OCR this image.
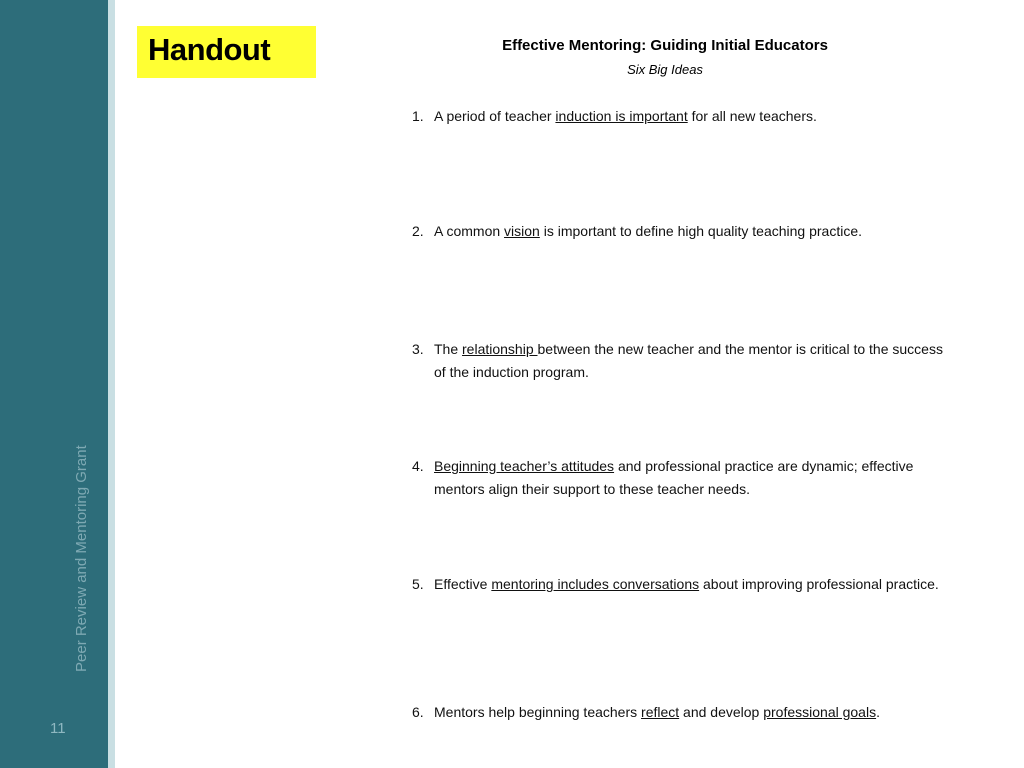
Peer Review and Mentoring Grant
11
Handout	Effective Mentoring: Guiding Initial Educators
Six Big Ideas
1. A period of teacher induction is important for all new teachers.
2. A common vision is important to define high quality teaching practice.
3. The relationship between the new teacher and the mentor is critical to the success of the induction program.
4. Beginning teacher’s attitudes and professional practice are dynamic; effective mentors align their support to these teacher needs.
5. Effective mentoring includes conversations about improving professional practice.
6. Mentors help beginning teachers reflect and develop professional goals.
